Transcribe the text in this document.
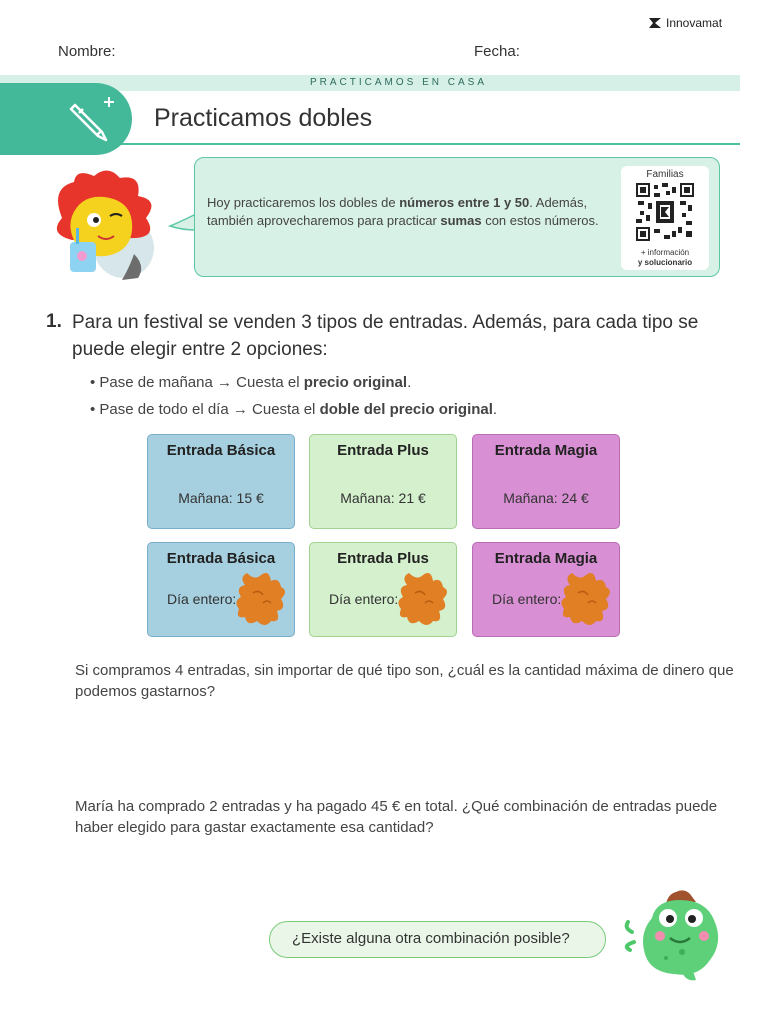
Innovamat
Nombre:	Fecha:
PRACTICAMOS EN CASA
Practicamos dobles
Hoy practicaremos los dobles de números entre 1 y 50. Además, también aprovecharemos para practicar sumas con estos números.
Familias
+ información
y solucionario
1. Para un festival se venden 3 tipos de entradas. Además, para cada tipo se puede elegir entre 2 opciones:
• Pase de mañana → Cuesta el precio original.
• Pase de todo el día → Cuesta el doble del precio original.
Entrada Básica
Mañana: 15 €
Entrada Plus
Mañana: 21 €
Entrada Magia
Mañana: 24 €
Entrada Básica
Día entero:
Entrada Plus
Día entero:
Entrada Magia
Día entero:
Si compramos 4 entradas, sin importar de qué tipo son, ¿cuál es la cantidad máxima de dinero que podemos gastarnos?
María ha comprado 2 entradas y ha pagado 45 € en total. ¿Qué combinación de entradas puede haber elegido para gastar exactamente esa cantidad?
¿Existe alguna otra combinación posible?
